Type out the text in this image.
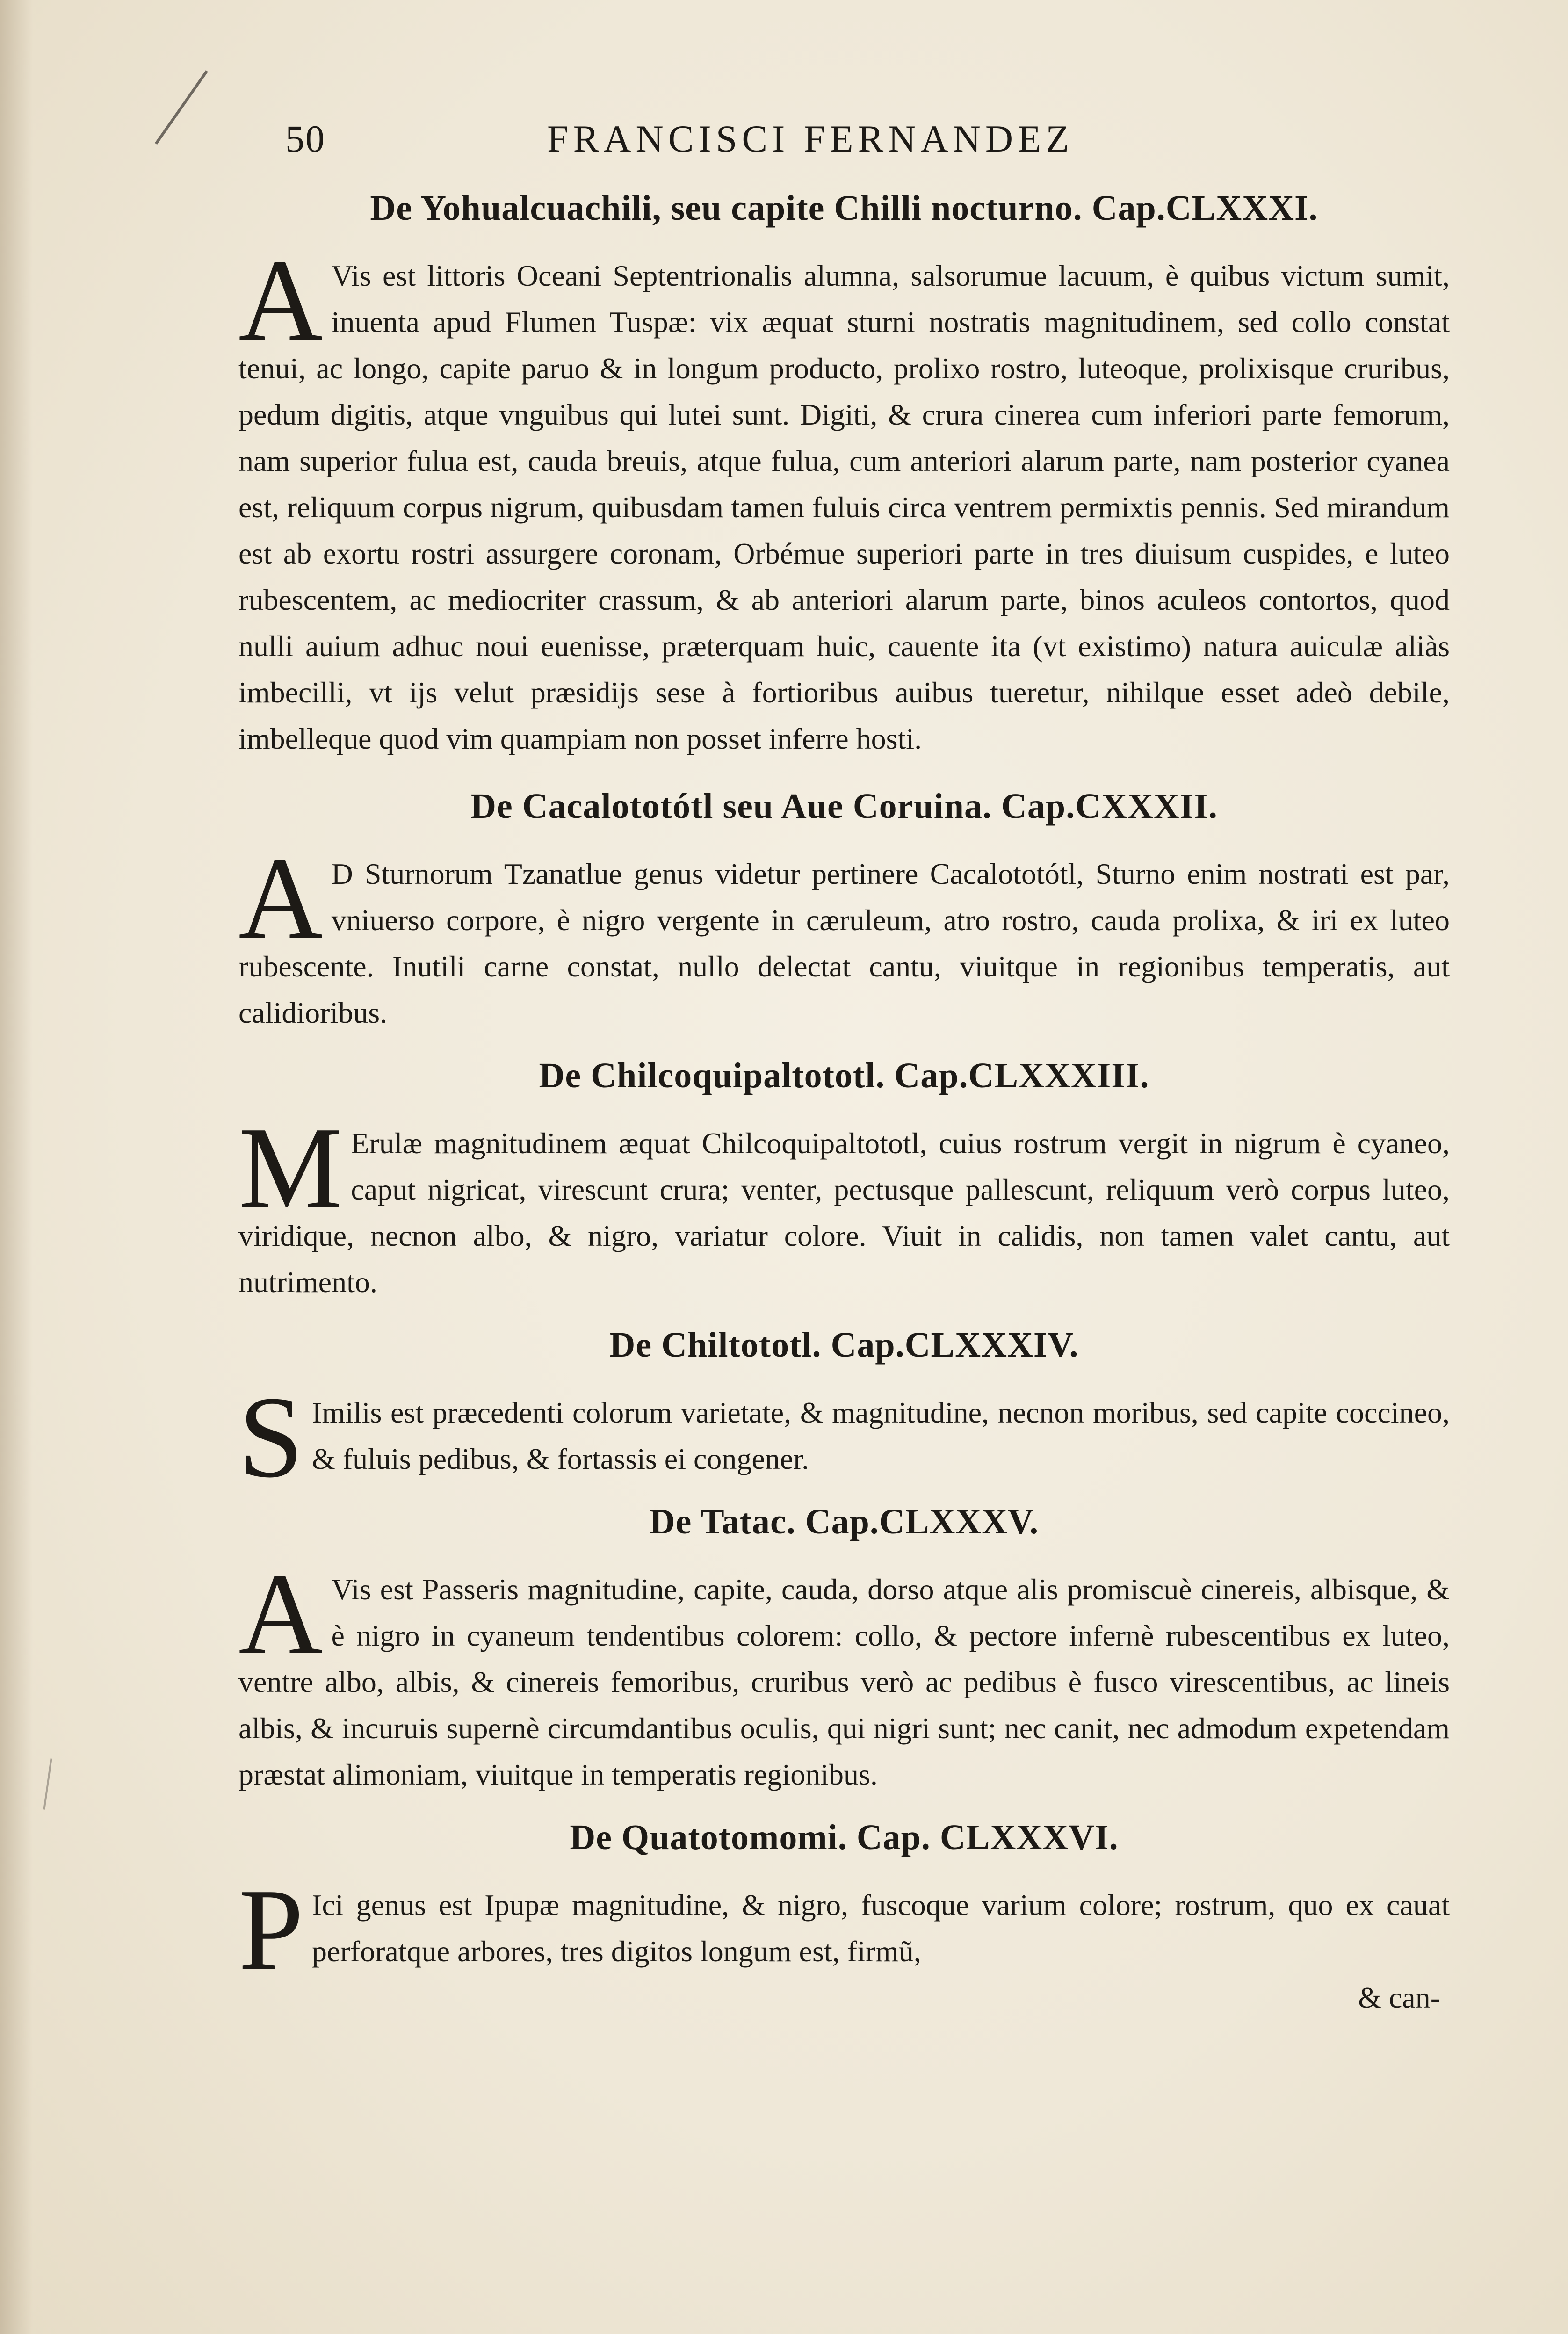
50	FRANCISCI FERNANDEZ
De Yohualcuachili, seu capite Chilli nocturno. Cap.CLXXXI.

A Vis est littoris Oceani Septentrionalis alumna, salsorumue lacuum, è quibus victum sumit, inuenta apud Flumen Tuspæ: vix æquat sturni nostratis magnitudinem, sed collo constat tenui, ac longo, capite paruo & in longum producto, prolixo rostro, luteoque, prolixisque cruribus, pedum digitis, atque vnguibus qui lutei sunt. Digiti, & crura cinerea cum inferiori parte femorum, nam superior fulua est, cauda breuis, atque fulua, cum anteriori alarum parte, nam posterior cyanea est, reliquum corpus nigrum, quibusdam tamen fuluis circa ventrem permixtis pennis. Sed mirandum est ab exortu rostri assurgere coronam, Orbémue superiori parte in tres diuisum cuspides, e luteo rubescentem, ac mediocriter crassum, & ab anteriori alarum parte, binos aculeos contortos, quod nulli auium adhuc noui euenisse, præterquam huic, cauente ita (vt existimo) natura auiculæ aliàs imbecilli, vt ijs velut præsidijs sese à fortioribus auibus tueretur, nihilque esset adeò debile, imbelleque quod vim quampiam non posset inferre hosti.

De Cacalototótl seu Aue Coruina. Cap.CXXXII.

A D Sturnorum Tzanatlue genus videtur pertinere Cacalototótl, Sturno enim nostrati est par, vniuerso corpore, è nigro vergente in cæruleum, atro rostro, cauda prolixa, & iri ex luteo rubescente. Inutili carne constat, nullo delectat cantu, viuitque in regionibus temperatis, aut calidioribus.

De Chilcoquipaltototl. Cap.CLXXXIII.

M Erulæ magnitudinem æquat Chilcoquipaltototl, cuius rostrum vergit in nigrum è cyaneo, caput nigricat, virescunt crura; venter, pectusque pallescunt, reliquum verò corpus luteo, viridique, necnon albo, & nigro, variatur colore. Viuit in calidis, non tamen valet cantu, aut nutrimento.

De Chiltototl. Cap.CLXXXIV.

S Imilis est præcedenti colorum varietate, & magnitudine, necnon moribus, sed capite coccineo, & fuluis pedibus, & fortassis ei congener.

De Tatac. Cap.CLXXXV.

A Vis est Passeris magnitudine, capite, cauda, dorso atque alis promiscuè cinereis, albisque, & è nigro in cyaneum tendentibus colorem: collo, & pectore infernè rubescentibus ex luteo, ventre albo, albis, & cinereis femoribus, cruribus verò ac pedibus è fusco virescentibus, ac lineis albis, & incuruis supernè circumdantibus oculis, qui nigri sunt; nec canit, nec admodum expetendam præstat alimoniam, viuitque in temperatis regionibus.

De Quatotomomi. Cap. CLXXXVI.

P Ici genus est Ipupæ magnitudine, & nigro, fuscoque varium colore; rostrum, quo ex cauat perforatque arbores, tres digitos longum est, firmũ,

& can-
